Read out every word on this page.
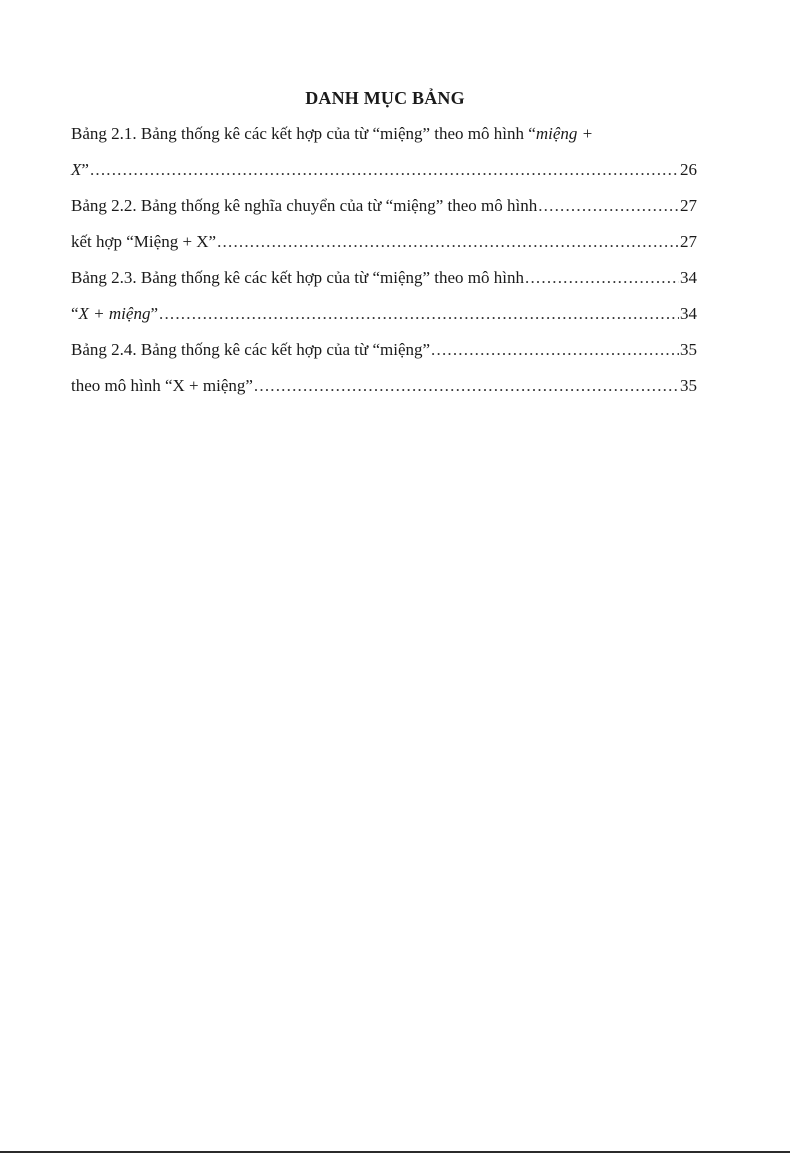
DANH MỤC BẢNG
Bảng 2.1. Bảng thống kê các kết hợp của từ “miệng” theo mô hình “miệng +
X” .....	26
Bảng 2.2. Bảng thống kê nghĩa chuyển của từ “miệng” theo mô hình .....	27
kết hợp “Miệng + X” .....	27
Bảng 2.3. Bảng thống kê các kết hợp của từ “miệng” theo mô hình .....	34
“X + miệng” .....	34
Bảng 2.4. Bảng thống kê các kết hợp của từ “miệng” .....	35
theo mô hình “X + miệng” .....	35
